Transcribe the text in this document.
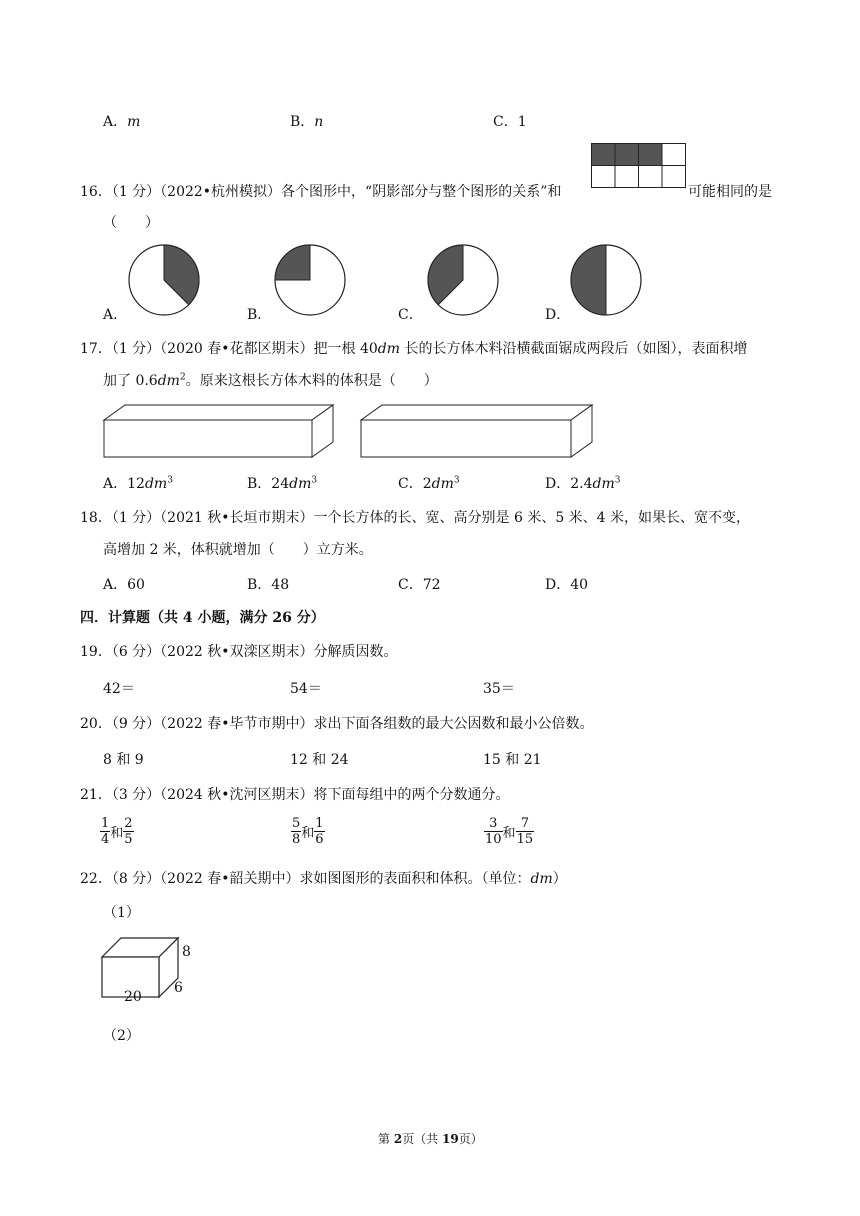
A．m	B．n	C．1
16．（1 分）（2022•杭州模拟）各个图形中，“阴影部分与整个图形的关系”和	可能相同的是
（　　）
A．	B．	C．	D．
17．（1 分）（2020 春•花都区期末）把一根 40dm 长的长方体木料沿横截面锯成两段后（如图），表面积增
加了 $0.6dm^2$。原来这根长方体木料的体积是（　　）
A．$12dm^3$	B．$24dm^3$	C．$2dm^3$	D．$2.4dm^3$
18．（1 分）（2021 秋•长垣市期末）一个长方体的长、宽、高分别是 6 米、5 米、4 米，如果长、宽不变，
高增加 2 米，体积就增加（　　）立方米。
A．60	B．48	C．72	D．40
四．计算题（共 4 小题，满分 26 分）
19．（6 分）（2022 秋•双滦区期末）分解质因数。
42＝	54＝	35＝
20．（9 分）（2022 春•毕节市期中）求出下面各组数的最大公因数和最小公倍数。
8 和 9	12 和 24	15 和 21
21．（3 分）（2024 秋•沈河区期末）将下面每组中的两个分数通分。
$\frac{1}{4}$ 和 $\frac{2}{5}$	$\frac{5}{8}$ 和 $\frac{1}{6}$	$\frac{3}{10}$ 和 $\frac{7}{15}$
22．（8 分）（2022 春•韶关期中）求如图图形的表面积和体积。（单位：dm）
（1）
8
6
20
（2）
第 2页（共 19页）
